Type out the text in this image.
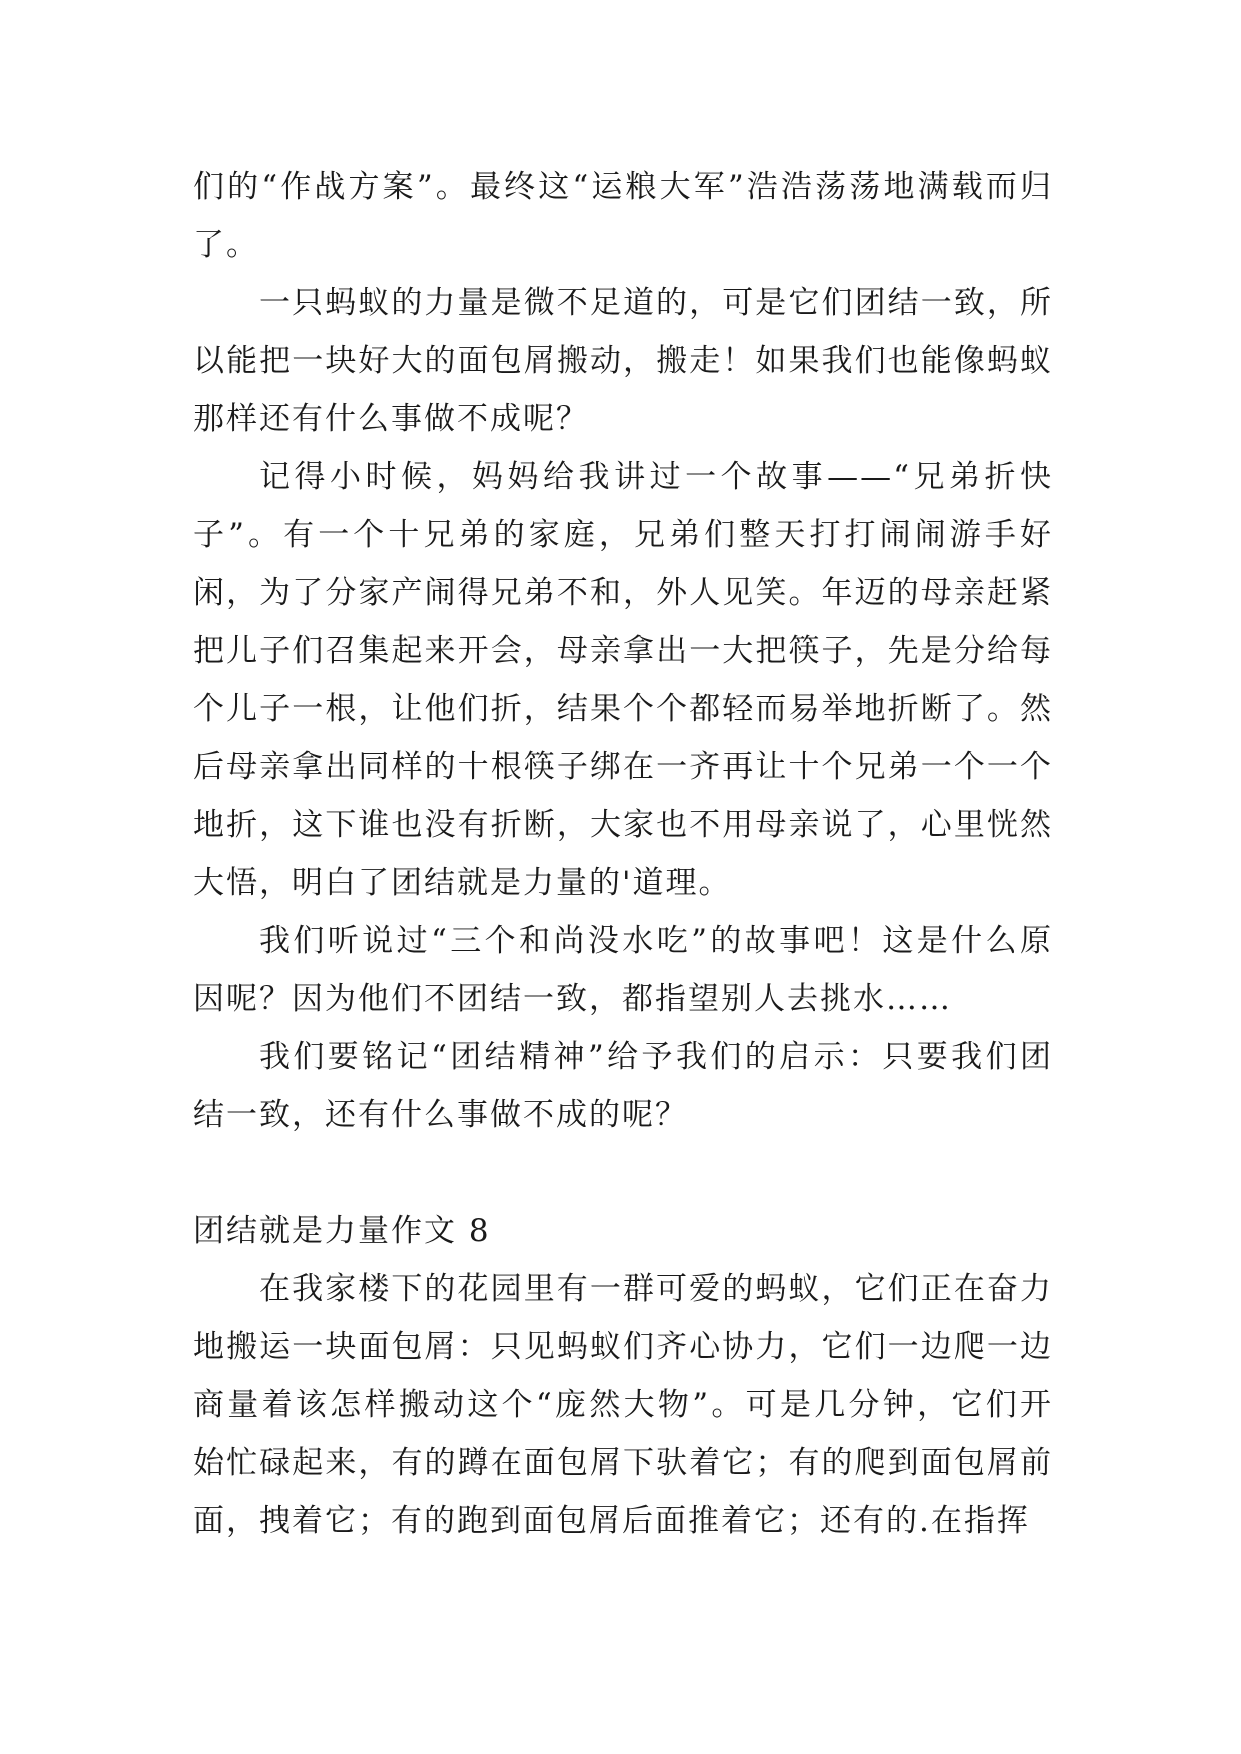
们的“作战方案”。最终这“运粮大军”浩浩荡荡地满载而归了。

一只蚂蚁的力量是微不足道的，可是它们团结一致，所以能把一块好大的面包屑搬动，搬走！如果我们也能像蚂蚁那样还有什么事做不成呢？

记得小时候，妈妈给我讲过一个故事——“兄弟折快子”。有一个十兄弟的家庭，兄弟们整天打打闹闹游手好闲，为了分家产闹得兄弟不和，外人见笑。年迈的母亲赶紧把儿子们召集起来开会，母亲拿出一大把筷子，先是分给每个儿子一根，让他们折，结果个个都轻而易举地折断了。然后母亲拿出同样的十根筷子绑在一齐再让十个兄弟一个一个地折，这下谁也没有折断，大家也不用母亲说了，心里恍然大悟，明白了团结就是力量的'道理。

我们听说过“三个和尚没水吃”的故事吧！这是什么原因呢？因为他们不团结一致，都指望别人去挑水……

我们要铭记“团结精神”给予我们的启示：只要我们团结一致，还有什么事做不成的呢？

团结就是力量作文 8

在我家楼下的花园里有一群可爱的蚂蚁，它们正在奋力地搬运一块面包屑：只见蚂蚁们齐心协力，它们一边爬一边商量着该怎样搬动这个“庞然大物”。可是几分钟，它们开始忙碌起来，有的蹲在面包屑下驮着它；有的爬到面包屑前面，拽着它；有的跑到面包屑后面推着它；还有的.在指挥
